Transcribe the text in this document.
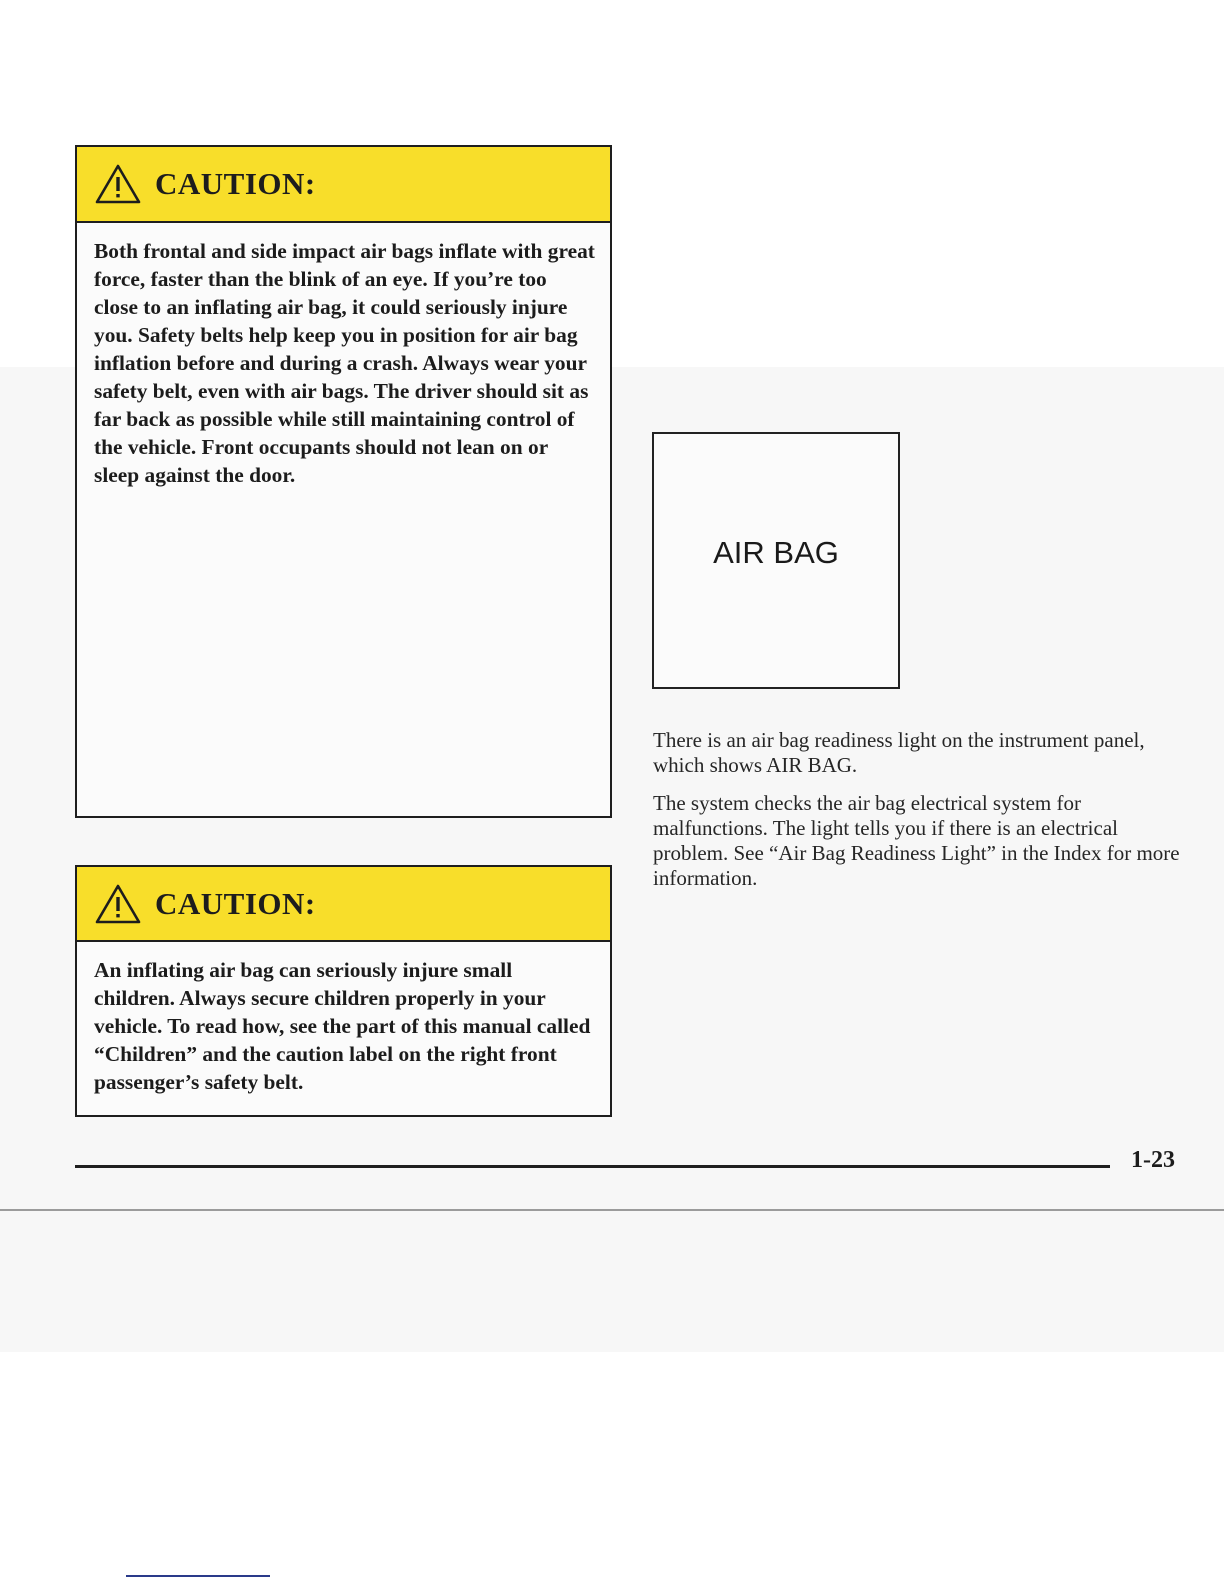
CAUTION:

Both frontal and side impact air bags inflate with great force, faster than the blink of an eye. If you’re too close to an inflating air bag, it could seriously injure you. Safety belts help keep you in position for air bag inflation before and during a crash. Always wear your safety belt, even with air bags. The driver should sit as far back as possible while still maintaining control of the vehicle. Front occupants should not lean on or sleep against the door.

CAUTION:

An inflating air bag can seriously injure small children. Always secure children properly in your vehicle. To read how, see the part of this manual called “Children” and the caution label on the right front passenger’s safety belt.

AIR BAG

There is an air bag readiness light on the instrument panel, which shows AIR BAG.

The system checks the air bag electrical system for malfunctions. The light tells you if there is an electrical problem. See “Air Bag Readiness Light” in the Index for more information.

1-23
